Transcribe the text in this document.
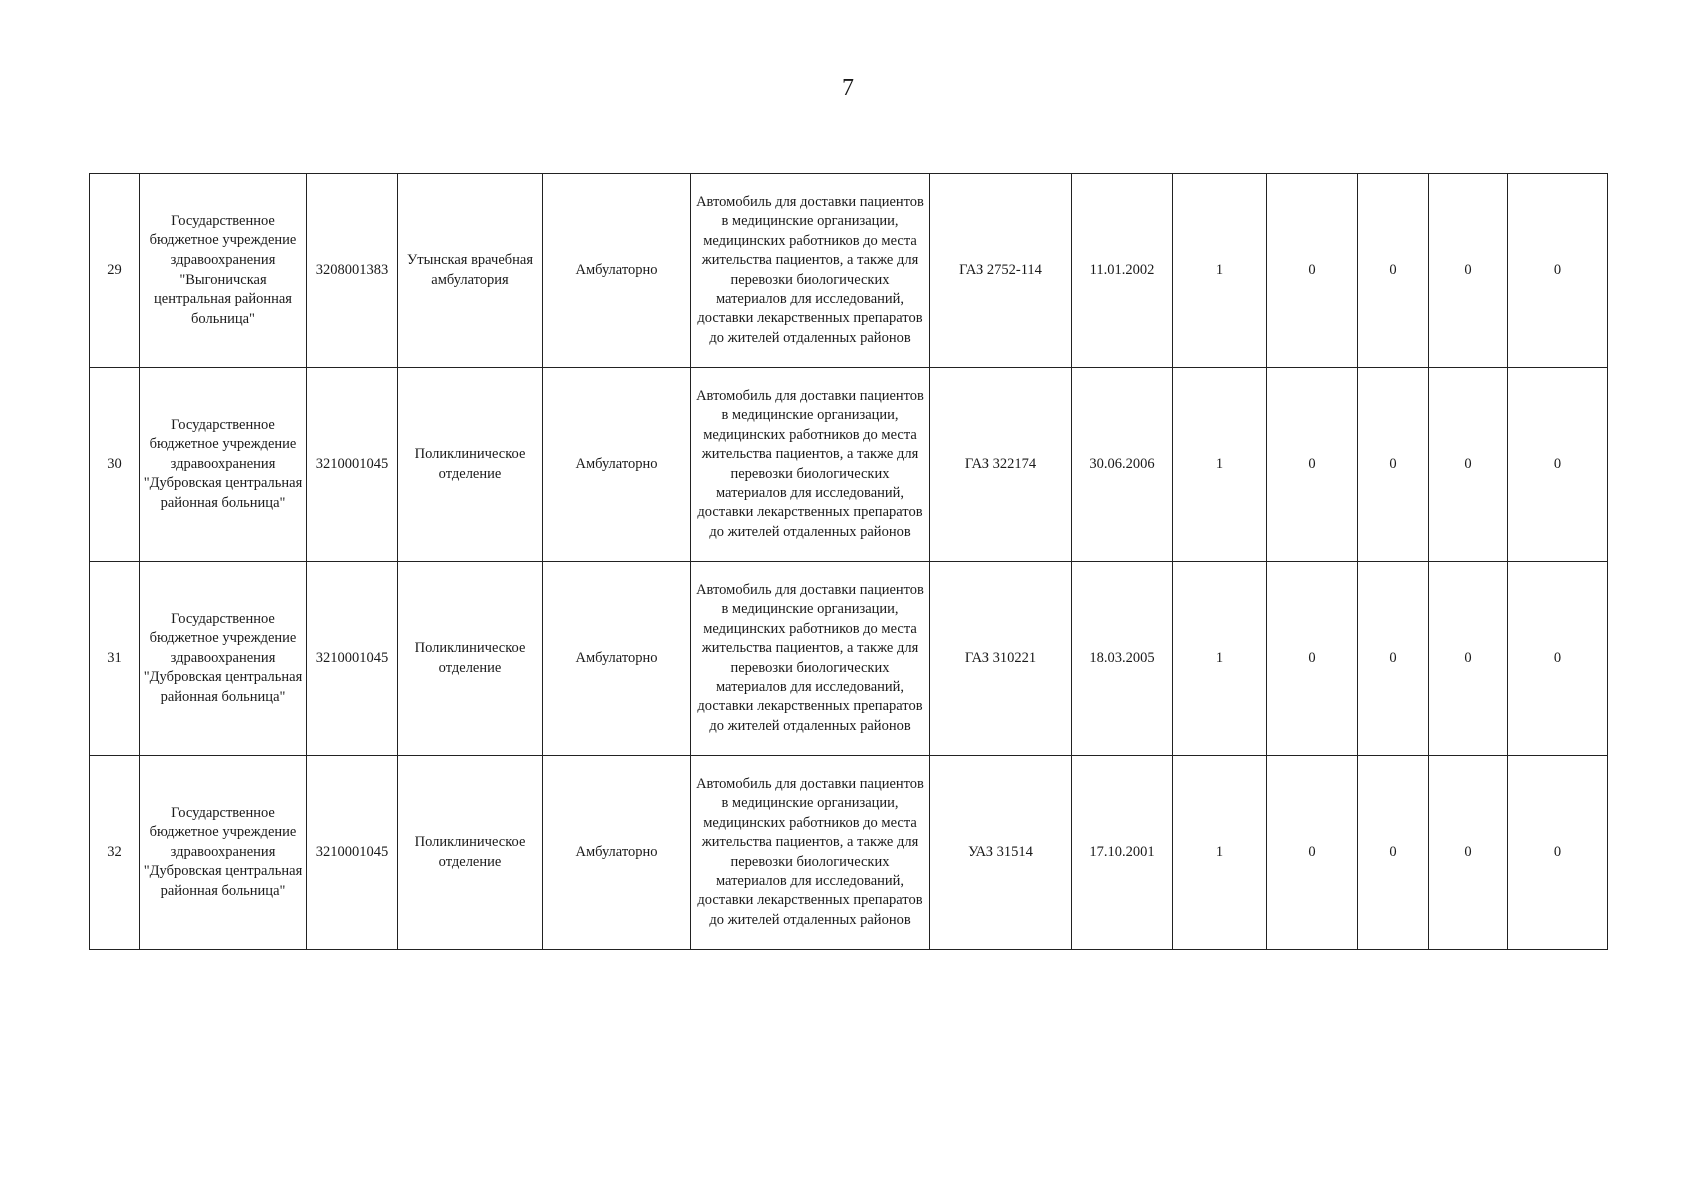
7
29	Государственное бюджетное учреждение здравоохранения "Выгоничская центральная районная больница"	3208001383	Утынская врачебная амбулатория	Амбулаторно	Автомобиль для доставки пациентов в медицинские организации, медицинских работников до места жительства пациентов, а также для перевозки биологических материалов для исследований, доставки лекарственных препаратов до жителей отдаленных районов	ГАЗ 2752-114	11.01.2002	1	0	0	0	0
30	Государственное бюджетное учреждение здравоохранения "Дубровская центральная районная больница"	3210001045	Поликлиническое отделение	Амбулаторно	Автомобиль для доставки пациентов в медицинские организации, медицинских работников до места жительства пациентов, а также для перевозки биологических материалов для исследований, доставки лекарственных препаратов до жителей отдаленных районов	ГАЗ 322174	30.06.2006	1	0	0	0	0
31	Государственное бюджетное учреждение здравоохранения "Дубровская центральная районная больница"	3210001045	Поликлиническое отделение	Амбулаторно	Автомобиль для доставки пациентов в медицинские организации, медицинских работников до места жительства пациентов, а также для перевозки биологических материалов для исследований, доставки лекарственных препаратов до жителей отдаленных районов	ГАЗ 310221	18.03.2005	1	0	0	0	0
32	Государственное бюджетное учреждение здравоохранения "Дубровская центральная районная больница"	3210001045	Поликлиническое отделение	Амбулаторно	Автомобиль для доставки пациентов в медицинские организации, медицинских работников до места жительства пациентов, а также для перевозки биологических материалов для исследований, доставки лекарственных препаратов до жителей отдаленных районов	УАЗ 31514	17.10.2001	1	0	0	0	0
